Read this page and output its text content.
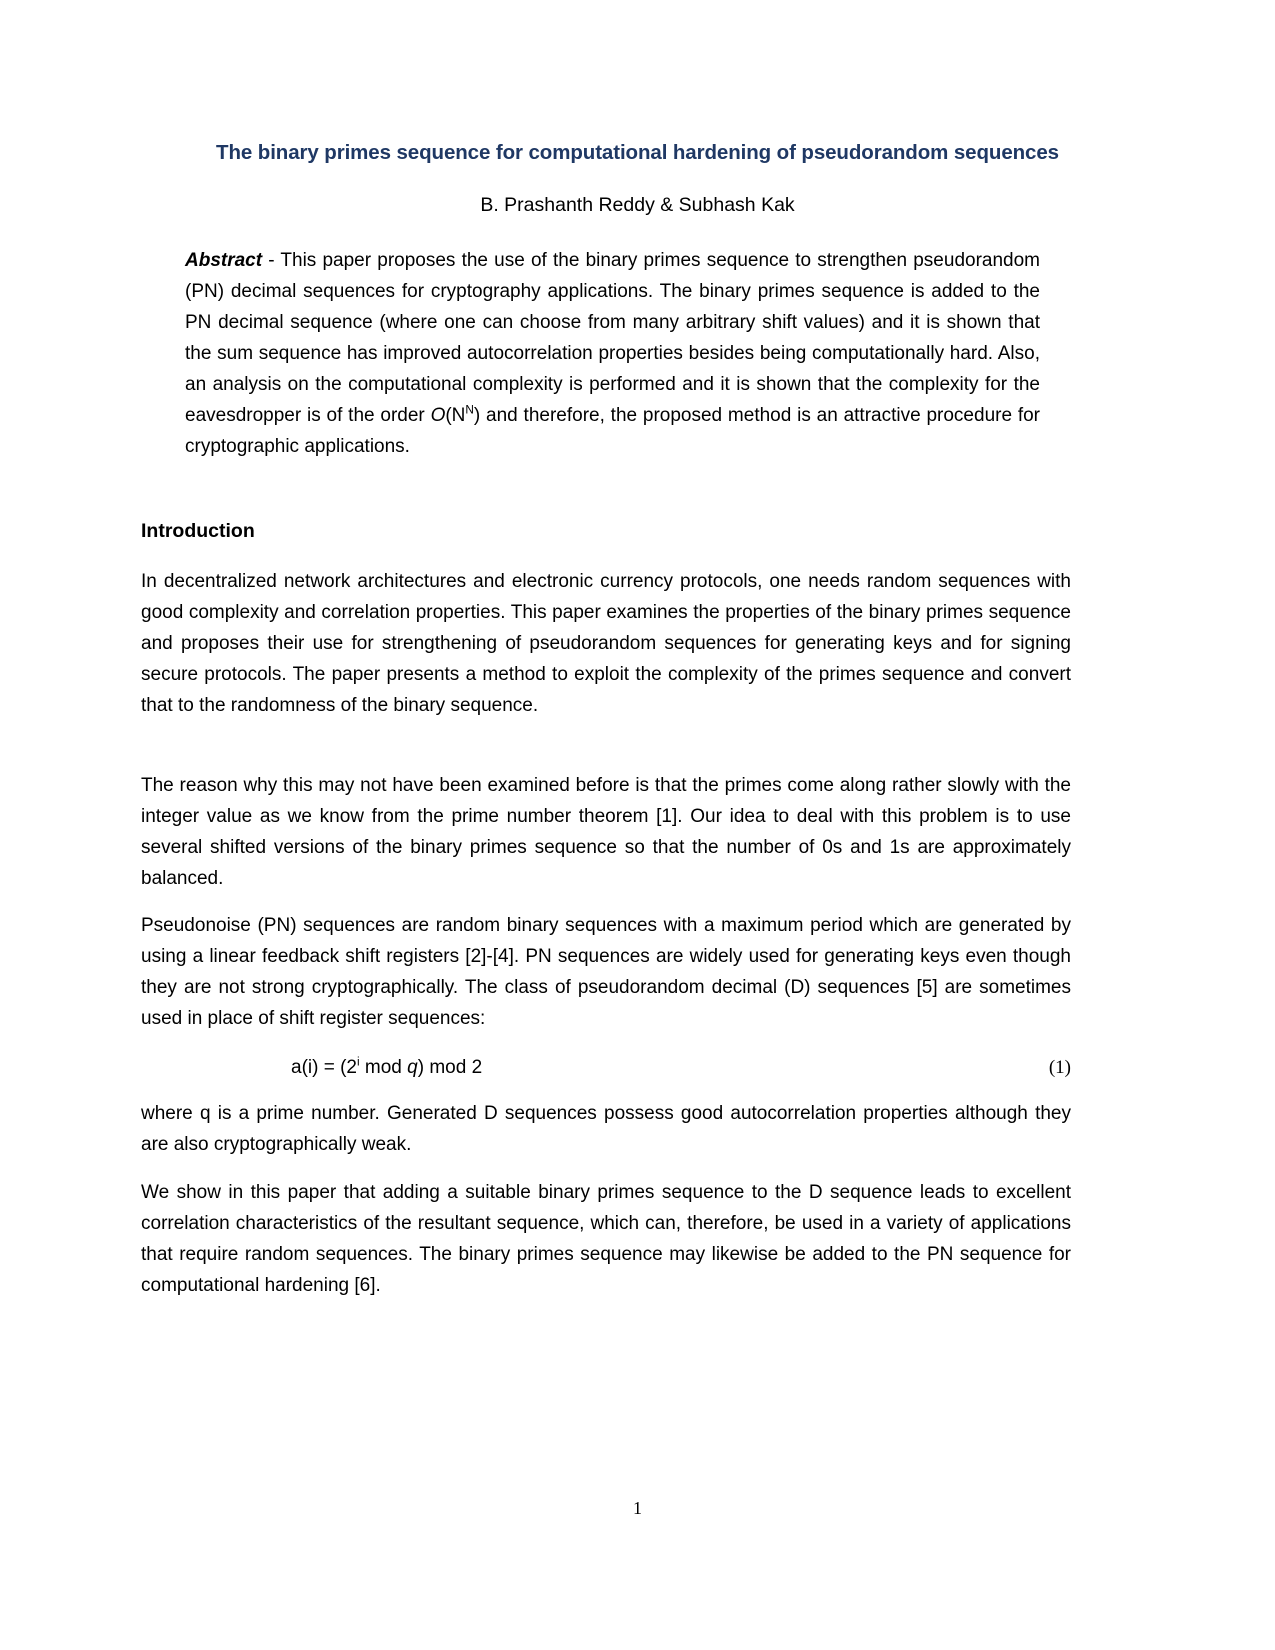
The binary primes sequence for computational hardening of pseudorandom sequences
B. Prashanth Reddy & Subhash Kak
Abstract - This paper proposes the use of the binary primes sequence to strengthen pseudorandom (PN) decimal sequences for cryptography applications. The binary primes sequence is added to the PN decimal sequence (where one can choose from many arbitrary shift values) and it is shown that the sum sequence has improved autocorrelation properties besides being computationally hard. Also, an analysis on the computational complexity is performed and it is shown that the complexity for the eavesdropper is of the order $O(N^N)$ and therefore, the proposed method is an attractive procedure for cryptographic applications.
Introduction
In decentralized network architectures and electronic currency protocols, one needs random sequences with good complexity and correlation properties. This paper examines the properties of the binary primes sequence and proposes their use for strengthening of pseudorandom sequences for generating keys and for signing secure protocols. The paper presents a method to exploit the complexity of the primes sequence and convert that to the randomness of the binary sequence.
The reason why this may not have been examined before is that the primes come along rather slowly with the integer value as we know from the prime number theorem [1]. Our idea to deal with this problem is to use several shifted versions of the binary primes sequence so that the number of 0s and 1s are approximately balanced.
Pseudonoise (PN) sequences are random binary sequences with a maximum period which are generated by using a linear feedback shift registers [2]-[4]. PN sequences are widely used for generating keys even though they are not strong cryptographically. The class of pseudorandom decimal (D) sequences [5] are sometimes used in place of shift register sequences:
$a(i) = (2^i$ mod q) mod 2	(1)
where q is a prime number. Generated D sequences possess good autocorrelation properties although they are also cryptographically weak.
We show in this paper that adding a suitable binary primes sequence to the D sequence leads to excellent correlation characteristics of the resultant sequence, which can, therefore, be used in a variety of applications that require random sequences. The binary primes sequence may likewise be added to the PN sequence for computational hardening [6].
1
